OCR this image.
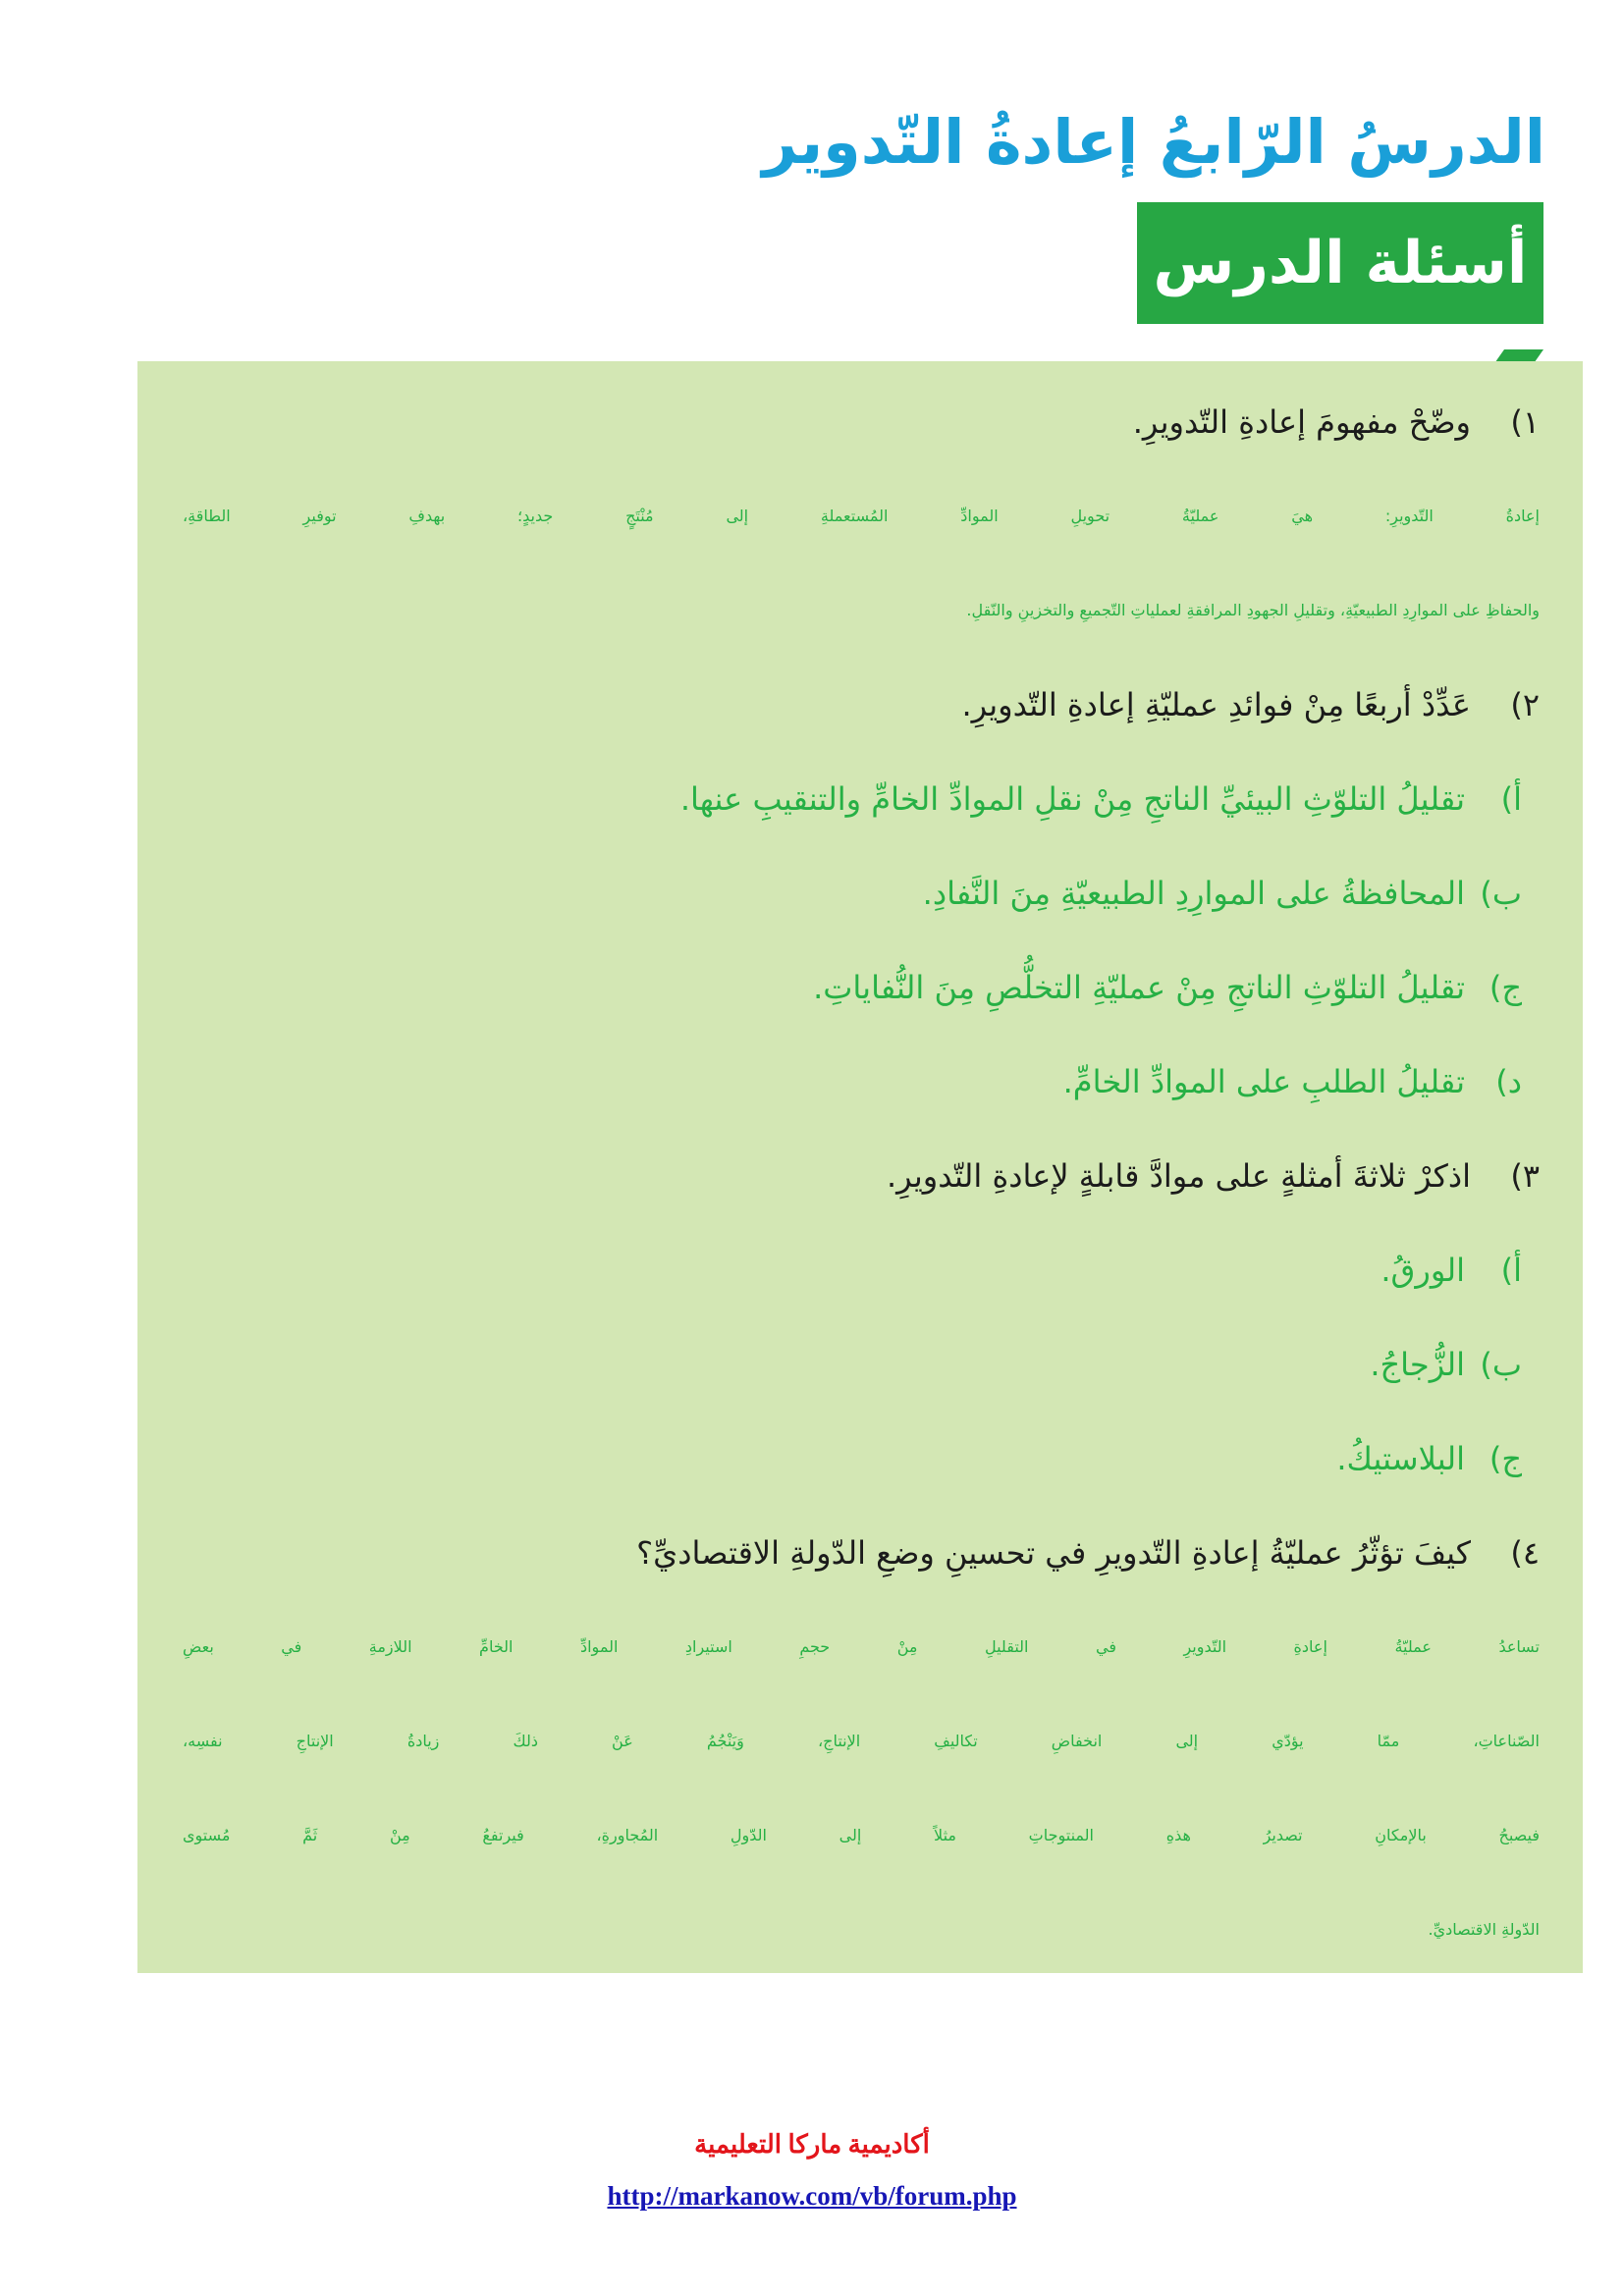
الدرسُ الرّابعُ إعادةُ التّدوير
أسئلة الدرس
١)
وضّحْ مفهومَ إعادةِ التّدويرِ.
إعادةُ التّدويرِ: هيَ عمليّةُ تحويلِ الموادِّ المُستعملةِ إلى مُنْتَجٍ جديدٍ؛ بهدفِ توفيرِ الطاقةِ،
والحفاظِ على الموارِدِ الطبيعيّةِ، وتقليلِ الجهودِ المرافقةِ لعملياتِ التّجميعِ والتخزينِ والنّقلِ.
٢)
عَدِّدْ أربعًا مِنْ فوائدِ عمليّةِ إعادةِ التّدويرِ.
أ)
تقليلُ التلوّثِ البيئيِّ الناتجِ مِنْ نقلِ الموادِّ الخامِّ والتنقيبِ عنها.
ب)
المحافظةُ على الموارِدِ الطبيعيّةِ مِنَ النَّفادِ.
ج)
تقليلُ التلوّثِ الناتجِ مِنْ عمليّةِ التخلُّصِ مِنَ النُّفاياتِ.
د)
تقليلُ الطلبِ على الموادِّ الخامِّ.
٣)
اذكرْ ثلاثةَ أمثلةٍ على موادَّ قابلةٍ لإعادةِ التّدويرِ.
أ)
الورقُ.
ب)
الزُّجاجُ.
ج)
البلاستيكُ.
٤)
كيفَ تؤثّرُ عمليّةُ إعادةِ التّدويرِ في تحسينِ وضعِ الدّولةِ الاقتصاديِّ؟
تساعدُ عمليّةُ إعادةِ التّدويرِ في التقليلِ مِنْ حجمِ استيرادِ الموادِّ الخامِّ اللازمةِ في بعضِ
الصّناعاتِ، ممّا يؤدّي إلى انخفاضِ تكاليفِ الإنتاجِ، وَيَنْجُمُ عَنْ ذلكَ زيادةُ الإنتاجِ نفسِه،
فيصبحُ بالإمكانِ تصديرُ هذهِ المنتوجاتِ مثلاً إلى الدّولِ المُجاورةِ، فيرتفعُ مِنْ ثَمَّ مُستوى
الدّولةِ الاقتصاديِّ.
أكاديمية ماركا التعليمية
http://markanow.com/vb/forum.php
